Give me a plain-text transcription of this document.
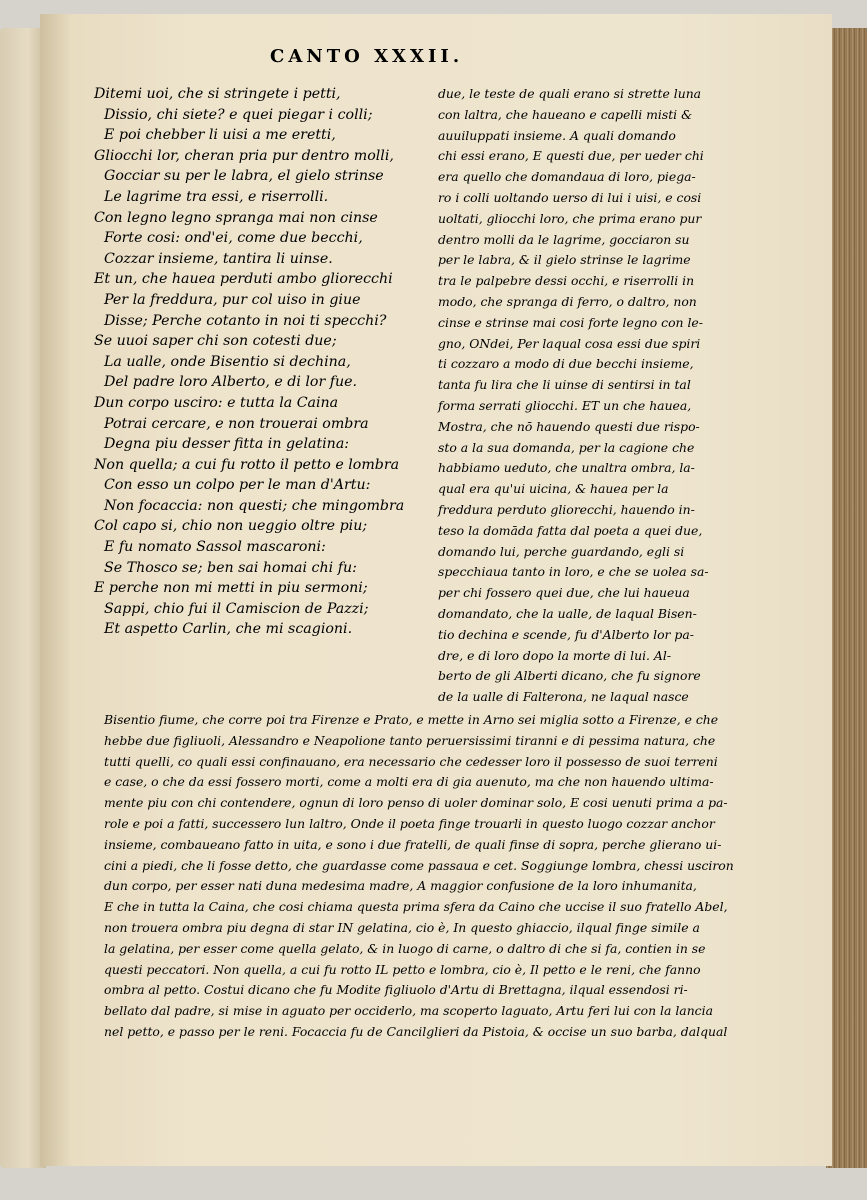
CANTO XXXII.
Ditemi uoi, che si stringete i petti,
Dissio, chi siete? e quei piegar i colli;
E poi chebber li uisi a me eretti,
Gliocchi lor, cheran pria pur dentro molli,
Gocciar su per le labra, el gielo strinse
Le lagrime tra essi, e riserrolli.
Con legno legno spranga mai non cinse
Forte cosi: ond'ei, come due becchi,
Cozzar insieme, tantira li uinse.
Et un, che hauea perduti ambo gliorecchi
Per la freddura, pur col uiso in giue
Disse; Perche cotanto in noi ti specchi?
Se uuoi saper chi son cotesti due;
La ualle, onde Bisentio si dechina,
Del padre loro Alberto, e di lor fue.
Dun corpo usciro: e tutta la Caina
Potrai cercare, e non trouerai ombra
Degna piu desser fitta in gelatina:
Non quella; a cui fu rotto il petto e lombra
Con esso un colpo per le man d'Artu:
Non focaccia: non questi; che mingombra
Col capo si, chio non ueggio oltre piu;
E fu nomato Sassol mascaroni:
Se Thosco se; ben sai homai chi fu:
E perche non mi metti in piu sermoni;
Sappi, chio fui il Camiscion de Pazzi;
Et aspetto Carlin, che mi scagioni.
due, le teste de quali erano si strette luna
con laltra, che haueano e capelli misti &
auuiluppati insieme. A quali domando
chi essi erano, E questi due, per ueder chi
era quello che domandaua di loro, piega-
ro i colli uoltando uerso di lui i uisi, e cosi
uoltati, gliocchi loro, che prima erano pur
dentro molli da le lagrime, gocciaron su
per le labra, & il gielo strinse le lagrime
tra le palpebre dessi occhi, e riserrolli in
modo, che spranga di ferro, o daltro, non
cinse e strinse mai cosi forte legno con le-
gno, ONdei, Per laqual cosa essi due spiri
ti cozzaro a modo di due becchi insieme,
tanta fu lira che li uinse di sentirsi in tal
forma serrati gliocchi. ET un che hauea,
Mostra, che nō hauendo questi due rispo-
sto a la sua domanda, per la cagione che
habbiamo ueduto, che unaltra ombra, la-
qual era qu'ui uicina, & hauea per la
freddura perduto gliorecchi, hauendo in-
teso la domāda fatta dal poeta a quei due,
domando lui, perche guardando, egli si
specchiaua tanto in loro, e che se uolea sa-
per chi fossero quei due, che lui haueua
domandato, che la ualle, de laqual Bisen-
tio dechina e scende, fu d'Alberto lor pa-
dre, e di loro dopo la morte di lui. Al-
berto de gli Alberti dicano, che fu signore
de la ualle di Falterona, ne laqual nasce
Bisentio fiume, che corre poi tra Firenze e Prato, e mette in Arno sei miglia sotto a Firenze, e che
hebbe due figliuoli, Alessandro e Neapolione tanto peruersissimi tiranni e di pessima natura, che
tutti quelli, co quali essi confinauano, era necessario che cedesser loro il possesso de suoi terreni
e case, o che da essi fossero morti, come a molti era di gia auenuto, ma che non hauendo ultima-
mente piu con chi contendere, ognun di loro penso di uoler dominar solo, E cosi uenuti prima a pa-
role e poi a fatti, successero lun laltro, Onde il poeta finge trouarli in questo luogo cozzar anchor
insieme, combaueano fatto in uita, e sono i due fratelli, de quali finse di sopra, perche glierano ui-
cini a piedi, che li fosse detto, che guardasse come passaua e cet. Soggiunge lombra, chessi usciron
dun corpo, per esser nati duna medesima madre, A maggior confusione de la loro inhumanita,
E che in tutta la Caina, che cosi chiama questa prima sfera da Caino che uccise il suo fratello Abel,
non trouera ombra piu degna di star IN gelatina, cio è, In questo ghiaccio, ilqual finge simile a
la gelatina, per esser come quella gelato, & in luogo di carne, o daltro di che si fa, contien in se
questi peccatori. Non quella, a cui fu rotto IL petto e lombra, cio è, Il petto e le reni, che fanno
ombra al petto. Costui dicano che fu Modite figliuolo d'Artu di Brettagna, ilqual essendosi ri-
bellato dal padre, si mise in aguato per occiderlo, ma scoperto laguato, Artu feri lui con la lancia
nel petto, e passo per le reni. Focaccia fu de Cancilglieri da Pistoia, & occise un suo barba, dalqual
